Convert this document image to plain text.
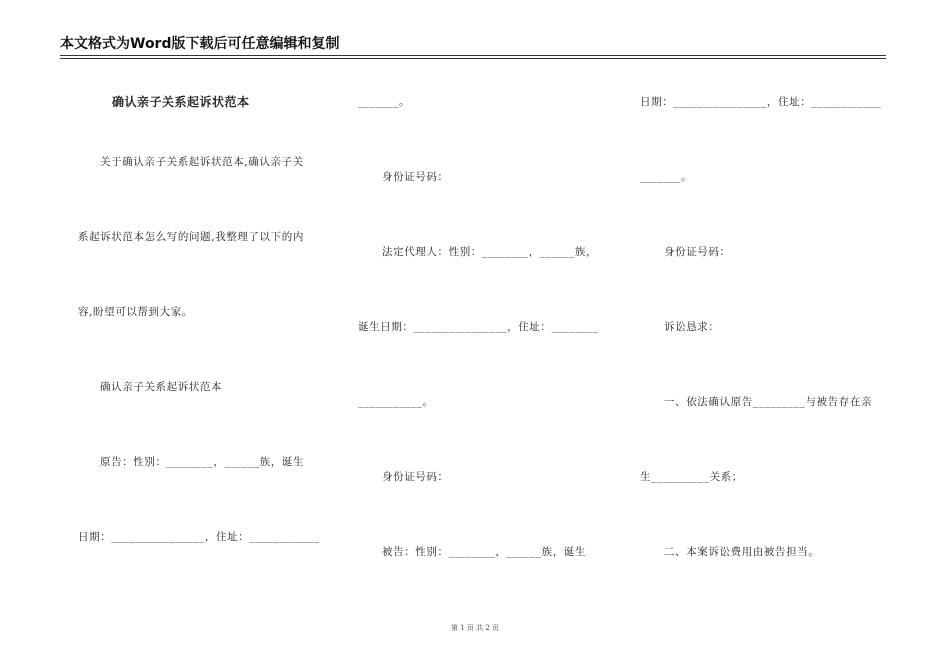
本文格式为Word版下载后可任意编辑和复制
确认亲子关系起诉状范本
关于确认亲子关系起诉状范本,确认亲子关
系起诉状范本怎么写的问题,我整理了以下的内
容,盼望可以帮到大家。
确认亲子关系起诉状范本
原告：性别：________，______族，诞生
日期：________________，住址：____________
_______。
身份证号码：
法定代理人：性别：________，______族，
诞生日期：________________，住址：________
___________。
身份证号码：
被告：性别：________，______族，诞生
日期：________________，住址：____________
_______。
身份证号码：
诉讼恳求：
一、依法确认原告_________与被告存在亲
生__________关系；
二、本案诉讼费用由被告担当。
第 1 页 共 2 页
